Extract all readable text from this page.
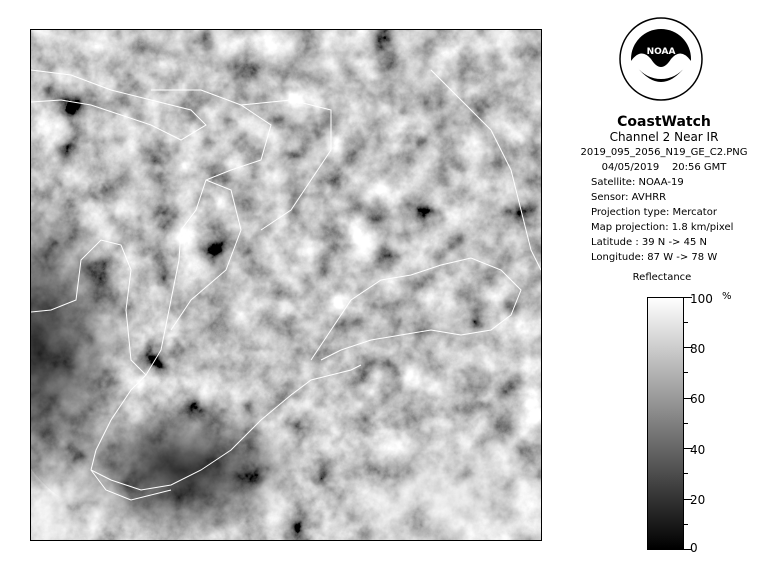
NOAA
CoastWatch
Channel 2 Near IR
2019_095_2056_N19_GE_C2.PNG
04/05/2019 20:56 GMT
Satellite: NOAA-19
Sensor: AVHRR
Projection type: Mercator
Map projection: 1.8 km/pixel
Latitude : 39 N -> 45 N
Longitude: 87 W -> 78 W
Reflectance
%
100
80
60
40
20
0
